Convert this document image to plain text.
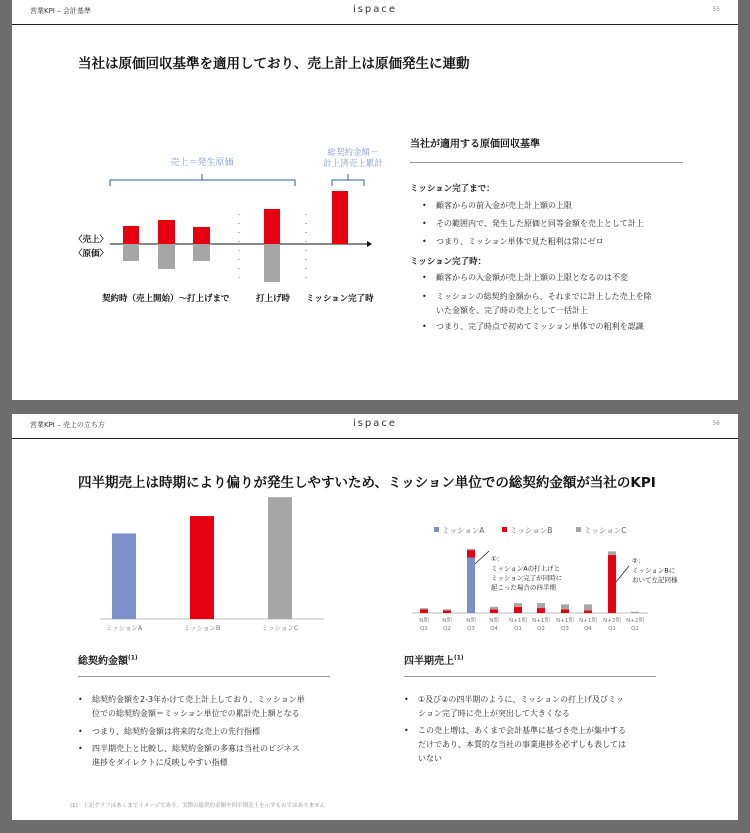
営業KPI – 会計基準	ispace	55
当社は原価回収基準を適用しており、売上計上は原価発生に連動
売上＝発生原価
総契約金額－
計上済売上累計
〈売上〉
〈原価〉
契約時（売上開始）～打上げまで	打上げ時 ミッション完了時
当社が適用する原価回収基準
ミッション完了まで：
• 顧客からの前入金が売上計上額の上限
• その範囲内で、発生した原価と同等金額を売上として計上
• つまり、ミッション単体で見た粗利は常にゼロ
ミッション完了時：
• 顧客からの入金額が売上計上額の上限となるのは不変
• ミッションの総契約金額から、それまでに計上した売上を除
いた金額を、完了時の売上として一括計上
• つまり、完了時点で初めてミッション単体での粗利を認識
営業KPI – 売上の立ち方	ispace	56
四半期売上は時期により偏りが発生しやすいため、ミッション単位での総契約金額が当社のKPI
ミッションA	ミッションB	ミッションC
N期
Q1
N期
Q2
N期
Q3
N期
Q4
N+1期
Q1
N+1期
Q2
N+1期
Q3
N+1期
Q4
N+2期
Q1
N+2期
Q2
ミッションA	ミッションB	ミッションC
①：
ミッションAの打上げと
ミッション完了が同時に
起こった場合の四半期
②：
ミッションBに
おいて左記同様
総契約金額$^{(1)}$
• 総契約金額を2-3年かけて売上計上しており、ミッション単
位での総契約金額＝ミッション単位での累計売上額となる
• つまり、総契約金額は将来的な売上の先行指標
• 四半期売上と比較し、総契約金額の多寡は当社のビジネス
進捗をダイレクトに反映しやすい指標
四半期売上$^{(1)}$
• ①及び②の四半期のように、ミッションの打上げ及びミッ
ション完了時に売上が突出して大きくなる
• この売上増は、あくまで会計基準に基づき売上が集中する
だけであり、本質的な当社の事業進捗を必ずしも表しては
いない
(1)　上記グラフはあくまでイメージであり、実際の総契約金額や四半期売上を示すものではありません
